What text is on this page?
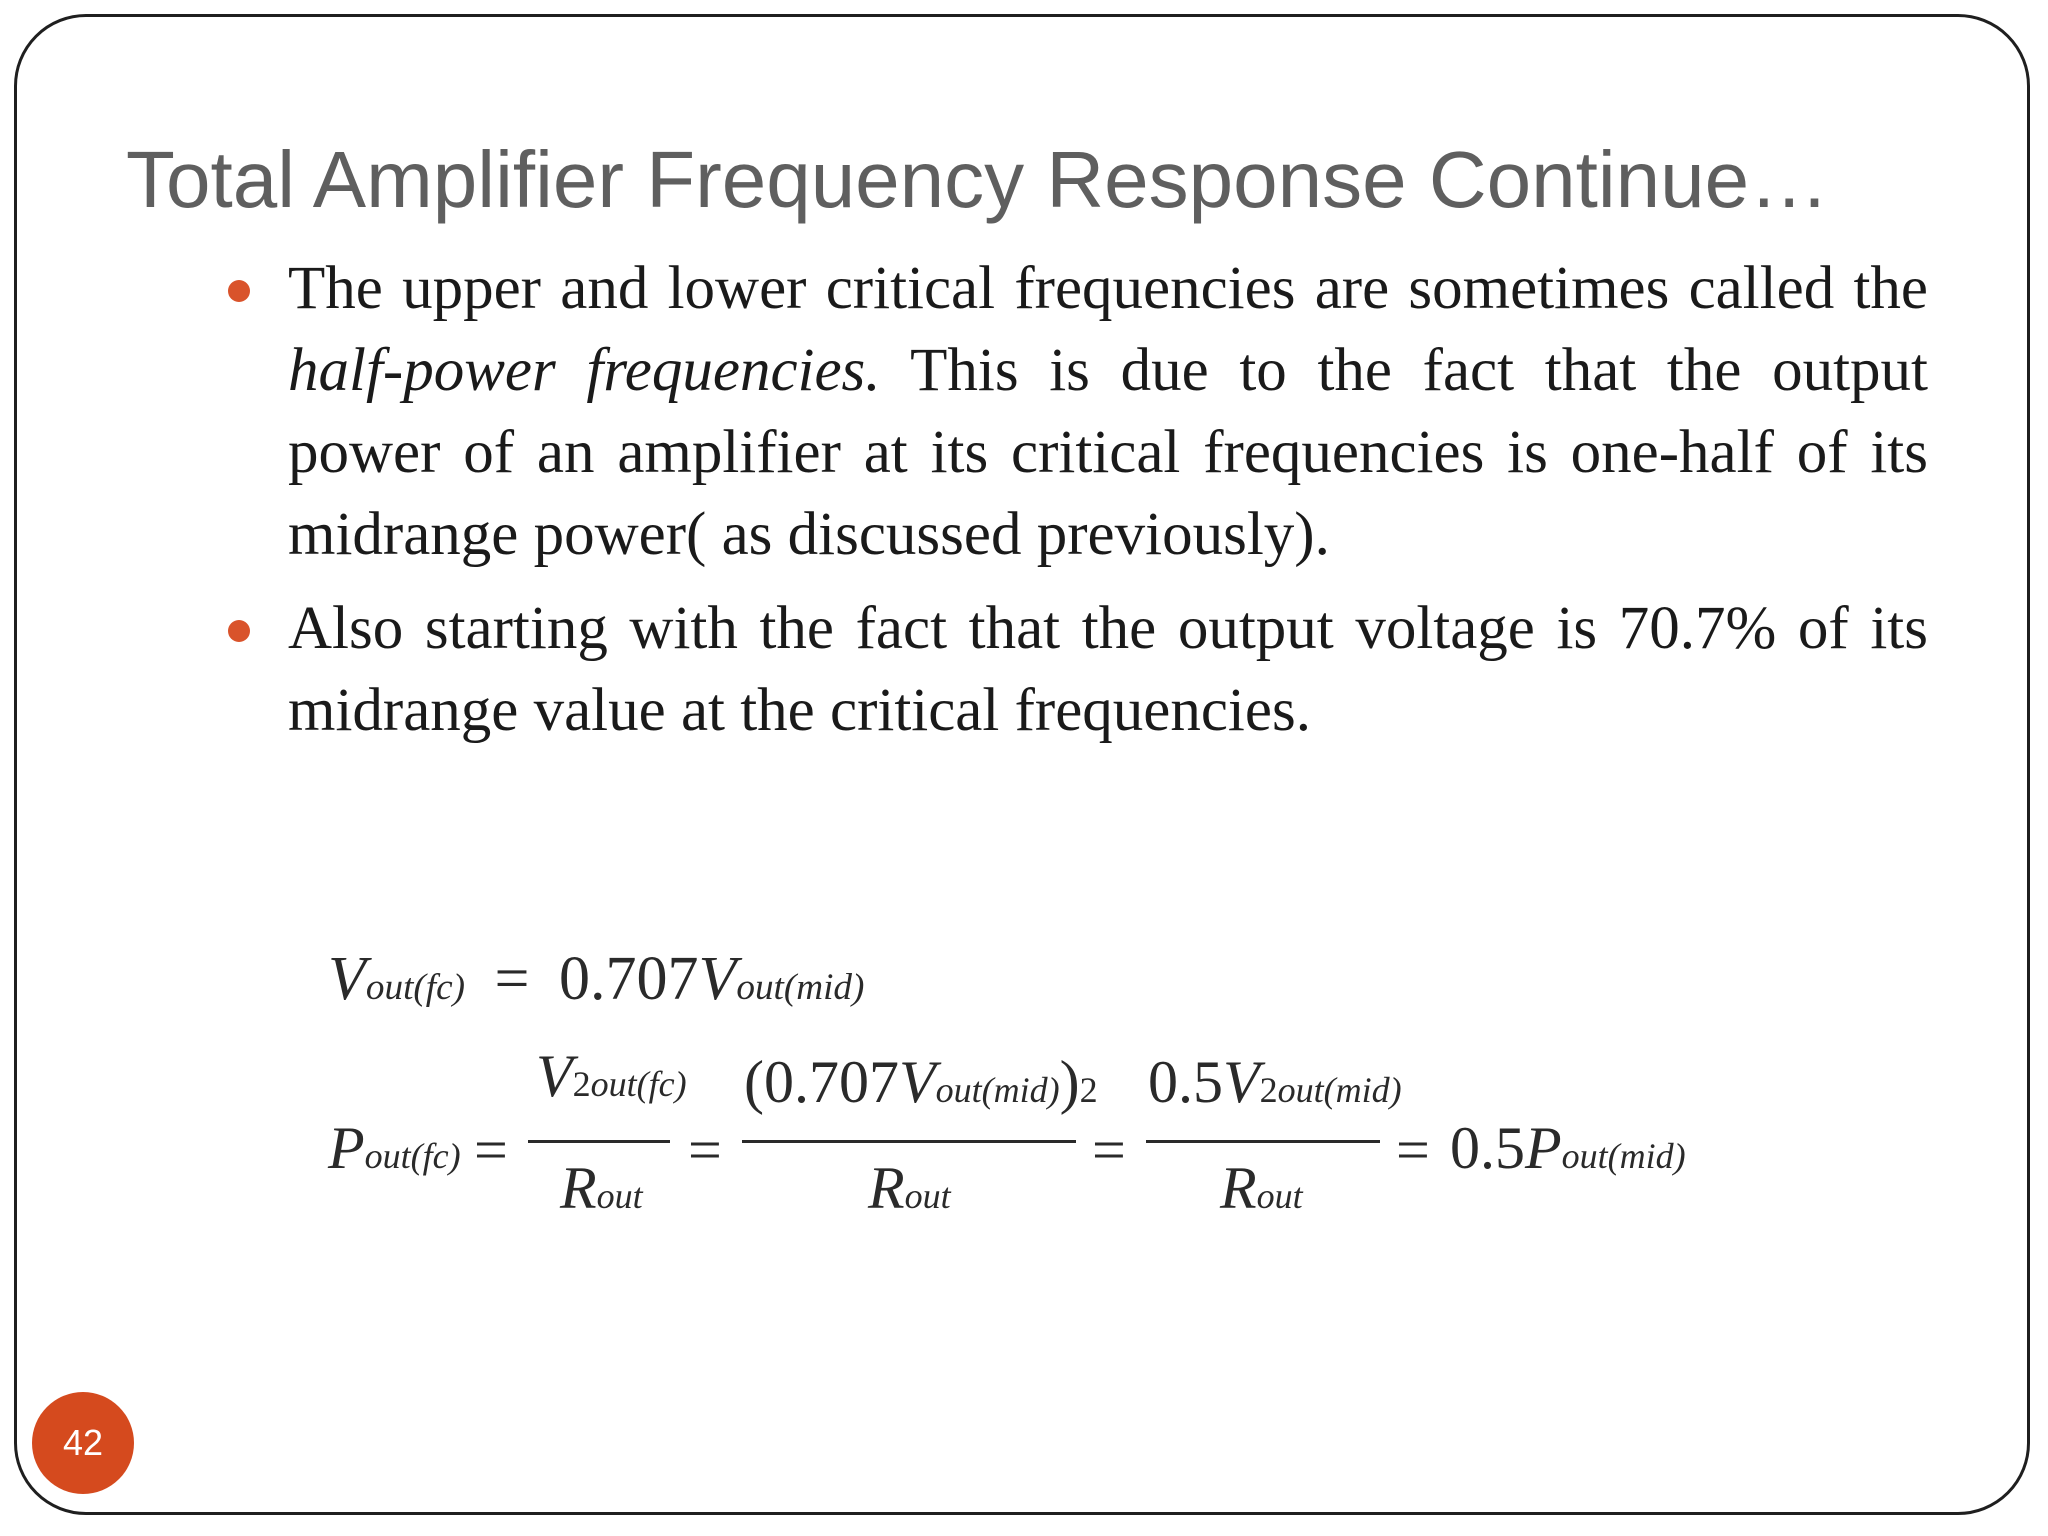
Total Amplifier Frequency Response Continue…
The upper and lower critical frequencies are sometimes called the half-power frequencies. This is due to the fact that the output power of an amplifier at its critical frequencies is one-half of its midrange power( as discussed previously).
Also starting with the fact that the output voltage is 70.7% of its midrange value at the critical frequencies.
Vout(fc) = 0.707Vout(mid)
Pout(fc) =
V2out(fc)
Rout
=
(0.707Vout(mid))2
Rout
=
0.5V2out(mid)
Rout
= 0.5Pout(mid)
42
